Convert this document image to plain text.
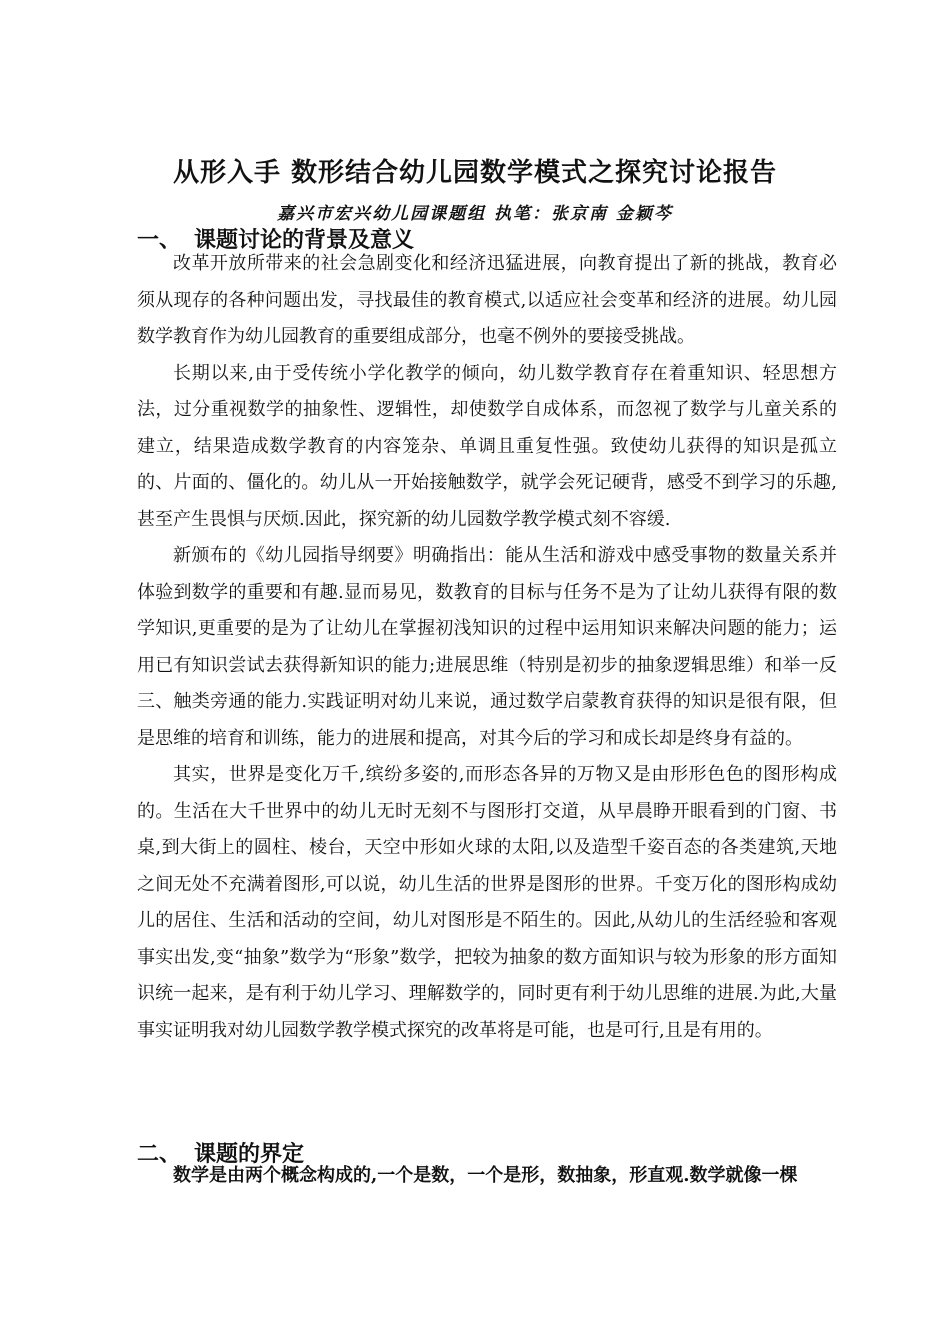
从形入手 数形结合幼儿园数学模式之探究讨论报告
嘉兴市宏兴幼儿园课题组 执笔：张京南 金颖芩
一、 课题讨论的背景及意义

改革开放所带来的社会急剧变化和经济迅猛进展，向教育提出了新的挑战，教育必须从现存的各种问题出发，寻找最佳的教育模式,以适应社会变革和经济的进展。幼儿园数学教育作为幼儿园教育的重要组成部分，也毫不例外的要接受挑战。

长期以来,由于受传统小学化教学的倾向，幼儿数学教育存在着重知识、轻思想方法，过分重视数学的抽象性、逻辑性，却使数学自成体系，而忽视了数学与儿童关系的建立，结果造成数学教育的内容笼杂、单调且重复性强。致使幼儿获得的知识是孤立的、片面的、僵化的。幼儿从一开始接触数学，就学会死记硬背，感受不到学习的乐趣,甚至产生畏惧与厌烦.因此，探究新的幼儿园数学教学模式刻不容缓.

新颁布的《幼儿园指导纲要》明确指出：能从生活和游戏中感受事物的数量关系并体验到数学的重要和有趣.显而易见，数教育的目标与任务不是为了让幼儿获得有限的数学知识,更重要的是为了让幼儿在掌握初浅知识的过程中运用知识来解决问题的能力；运用已有知识尝试去获得新知识的能力;进展思维（特别是初步的抽象逻辑思维）和举一反三、触类旁通的能力.实践证明对幼儿来说，通过数学启蒙教育获得的知识是很有限，但是思维的培育和训练，能力的进展和提高，对其今后的学习和成长却是终身有益的。

其实，世界是变化万千,缤纷多姿的,而形态各异的万物又是由形形色色的图形构成的。生活在大千世界中的幼儿无时无刻不与图形打交道，从早晨睁开眼看到的门窗、书桌,到大街上的圆柱、棱台，天空中形如火球的太阳,以及造型千姿百态的各类建筑,天地之间无处不充满着图形,可以说，幼儿生活的世界是图形的世界。千变万化的图形构成幼儿的居住、生活和活动的空间，幼儿对图形是不陌生的。因此,从幼儿的生活经验和客观事实出发,变“抽象”数学为“形象”数学，把较为抽象的数方面知识与较为形象的形方面知识统一起来，是有利于幼儿学习、理解数学的，同时更有利于幼儿思维的进展.为此,大量事实证明我对幼儿园数学教学模式探究的改革将是可能，也是可行,且是有用的。

二、 课题的界定

数学是由两个概念构成的,一个是数，一个是形，数抽象，形直观.数学就像一棵
